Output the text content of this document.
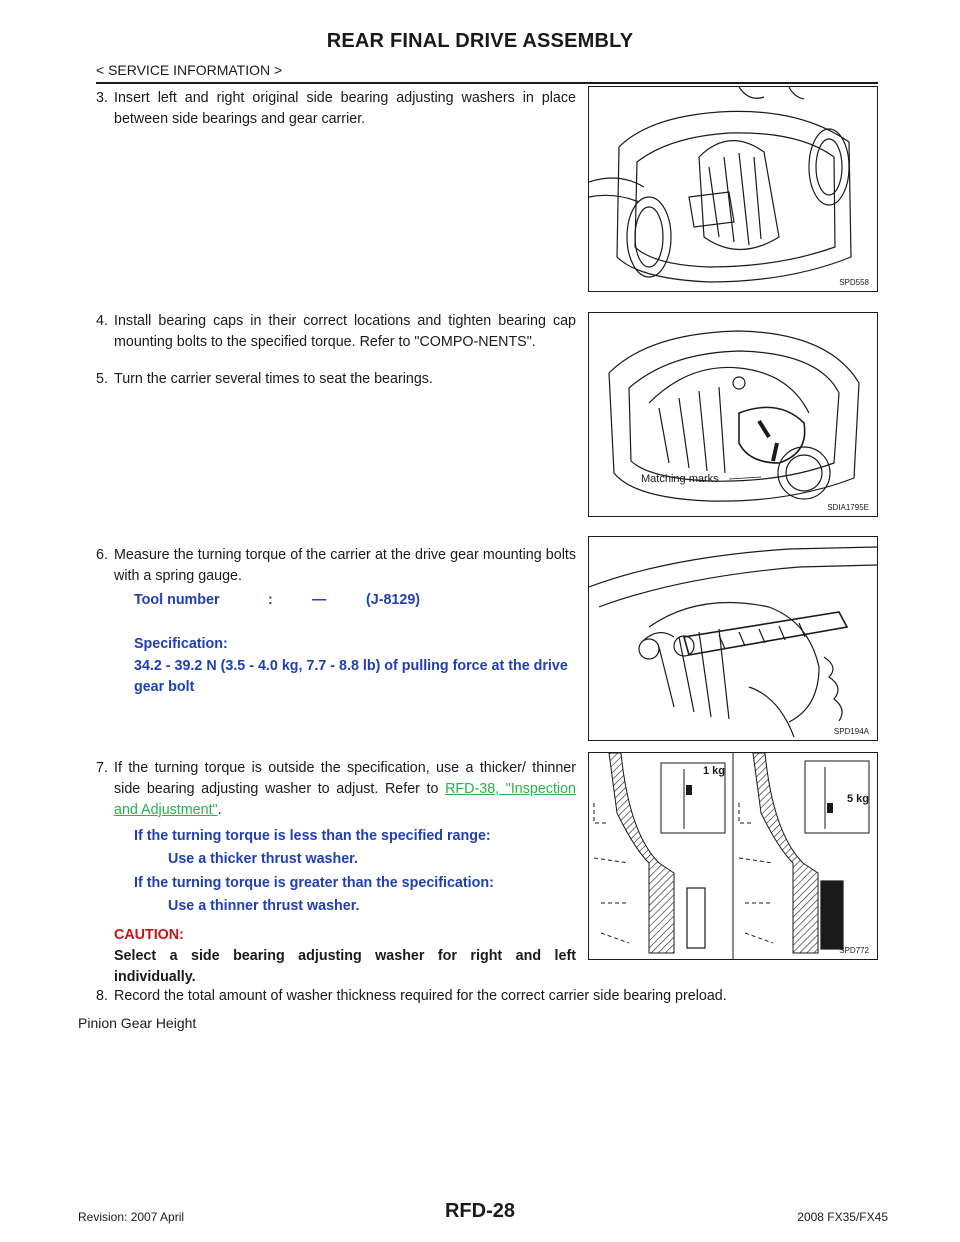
REAR FINAL DRIVE ASSEMBLY
< SERVICE INFORMATION >
3. Insert left and right original side bearing adjusting washers in place between side bearings and gear carrier.
SPD558
4. Install bearing caps in their correct locations and tighten bearing cap mounting bolts to the specified torque. Refer to "COMPO-NENTS".
5. Turn the carrier several times to seat the bearings.
Matching marks
SDIA1795E
6. Measure the turning torque of the carrier at the drive gear mounting bolts with a spring gauge.
Tool number	:	—	(J-8129)
Specification:
34.2 - 39.2 N (3.5 - 4.0 kg, 7.7 - 8.8 lb) of pulling force at the drive gear bolt
SPD194A
7. If the turning torque is outside the specification, use a thicker/ thinner side bearing adjusting washer to adjust. Refer to RFD-38, "Inspection and Adjustment".
If the turning torque is less than the specified range:
Use a thicker thrust washer.
If the turning torque is greater than the specification:
Use a thinner thrust washer.
CAUTION:
Select a side bearing adjusting washer for right and left individually.
1 kg
5 kg
SPD772
8. Record the total amount of washer thickness required for the correct carrier side bearing preload.
Pinion Gear Height
RFD-28
Revision: 2007 April	2008 FX35/FX45
